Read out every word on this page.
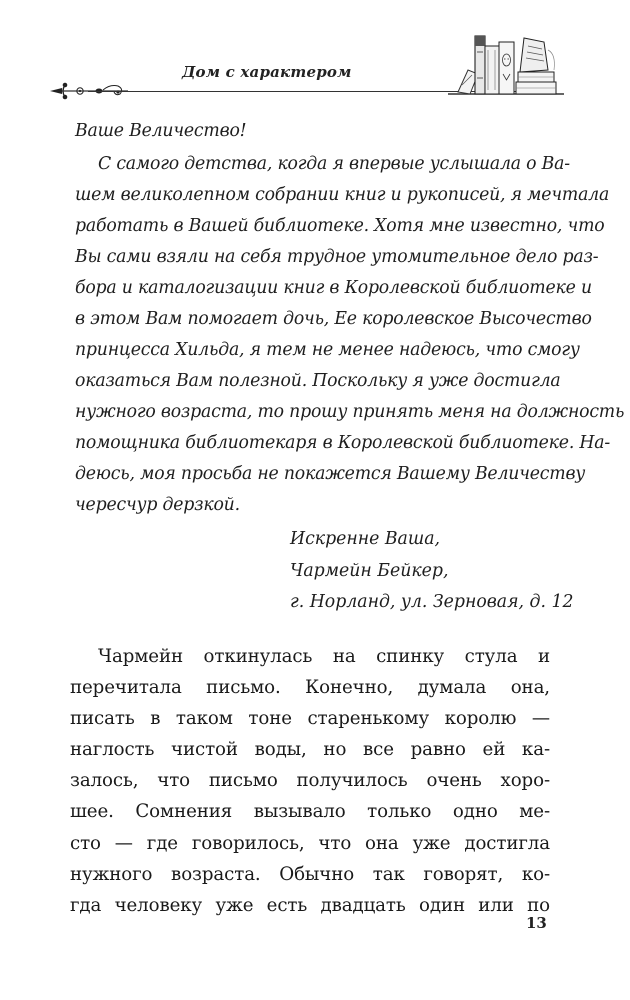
Дом с характером
Ваше Величество!
С самого детства, когда я впервые услышала о Ва-
шем великолепном собрании книг и рукописей, я мечтала
работать в Вашей библиотеке. Хотя мне известно, что
Вы сами взяли на себя трудное утомительное дело раз-
бора и каталогизации книг в Королевской библиотеке и
в этом Вам помогает дочь, Ее королевское Высочество
принцесса Хильда, я тем не менее надеюсь, что смогу
оказаться Вам полезной. Поскольку я уже достигла
нужного возраста, то прошу принять меня на должность
помощника библиотекаря в Королевской библиотеке. На-
деюсь, моя просьба не покажется Вашему Величеству
чересчур дерзкой.
Искренне Ваша,
Чармейн Бейкер,
г. Норланд, ул. Зерновая, д. 12
Чармейн откинулась на спинку стула и
перечитала письмо. Конечно, думала она,
писать в таком тоне старенькому королю —
наглость чистой воды, но все равно ей ка-
залось, что письмо получилось очень хоро-
шее. Сомнения вызывало только одно ме-
сто — где говорилось, что она уже достигла
нужного возраста. Обычно так говорят, ко-
гда человеку уже есть двадцать один или по
13
